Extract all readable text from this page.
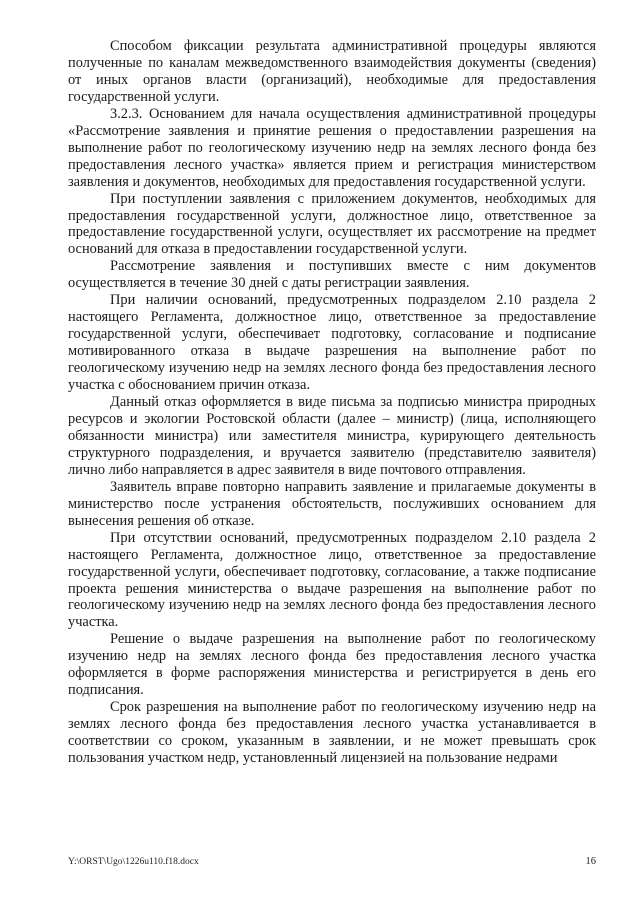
Способом фиксации результата административной процедуры являются полученные по каналам межведомственного взаимодействия документы (сведения) от иных органов власти (организаций), необходимые для предоставления государственной услуги.

3.2.3. Основанием для начала осуществления административной процедуры «Рассмотрение заявления и принятие решения о предоставлении разрешения на выполнение работ по геологическому изучению недр на землях лесного фонда без предоставления лесного участка» является прием и регистрация министерством заявления и документов, необходимых для предоставления государственной услуги.

При поступлении заявления с приложением документов, необходимых для предоставления государственной услуги, должностное лицо, ответственное за предоставление государственной услуги, осуществляет их рассмотрение на предмет оснований для отказа в предоставлении государственной услуги.

Рассмотрение заявления и поступивших вместе с ним документов осуществляется в течение 30 дней с даты регистрации заявления.

При наличии оснований, предусмотренных подразделом 2.10 раздела 2 настоящего Регламента, должностное лицо, ответственное за предоставление государственной услуги, обеспечивает подготовку, согласование и подписание мотивированного отказа в выдаче разрешения на выполнение работ по геологическому изучению недр на землях лесного фонда без предоставления лесного участка с обоснованием причин отказа.

Данный отказ оформляется в виде письма за подписью министра природных ресурсов и экологии Ростовской области (далее – министр) (лица, исполняющего обязанности министра) или заместителя министра, курирующего деятельность структурного подразделения, и вручается заявителю (представителю заявителя) лично либо направляется в адрес заявителя в виде почтового отправления.

Заявитель вправе повторно направить заявление и прилагаемые документы в министерство после устранения обстоятельств, послуживших основанием для вынесения решения об отказе.

При отсутствии оснований, предусмотренных подразделом 2.10 раздела 2 настоящего Регламента, должностное лицо, ответственное за предоставление государственной услуги, обеспечивает подготовку, согласование, а также подписание проекта решения министерства о выдаче разрешения на выполнение работ по геологическому изучению недр на землях лесного фонда без предоставления лесного участка.

Решение о выдаче разрешения на выполнение работ по геологическому изучению недр на землях лесного фонда без предоставления лесного участка оформляется в форме распоряжения министерства и регистрируется в день его подписания.

Срок разрешения на выполнение работ по геологическому изучению недр на землях лесного фонда без предоставления лесного участка устанавливается в соответствии со сроком, указанным в заявлении, и не может превышать срок пользования участком недр, установленный лицензией на пользование недрами

Y:\ORST\Ugo\1226u110.f18.docx	16
